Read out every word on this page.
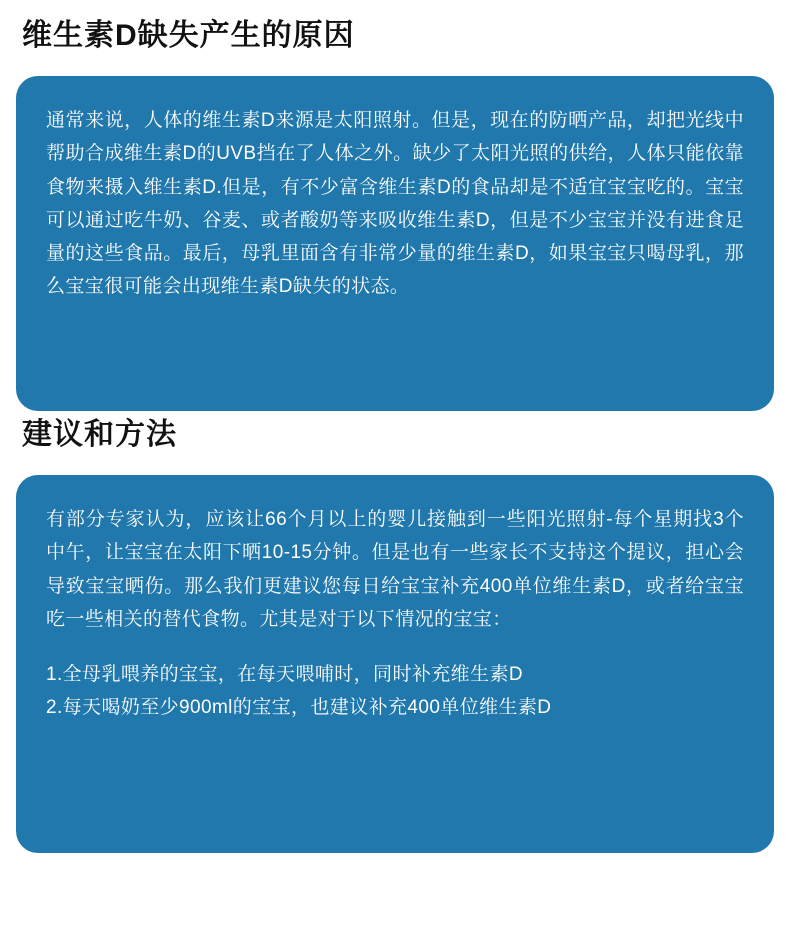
维生素D缺失产生的原因

通常来说，人体的维生素D来源是太阳照射。但是，现在的防晒产品，却把光线中帮助合成维生素D的UVB挡在了人体之外。缺少了太阳光照的供给，人体只能依靠食物来摄入维生素D.但是，有不少富含维生素D的食品却是不适宜宝宝吃的。宝宝可以通过吃牛奶、谷麦、或者酸奶等来吸收维生素D，但是不少宝宝并没有进食足量的这些食品。最后，母乳里面含有非常少量的维生素D，如果宝宝只喝母乳，那么宝宝很可能会出现维生素D缺失的状态。

建议和方法

有部分专家认为，应该让66个月以上的婴儿接触到一些阳光照射-每个星期找3个中午，让宝宝在太阳下晒10-15分钟。但是也有一些家长不支持这个提议，担心会导致宝宝晒伤。那么我们更建议您每日给宝宝补充400单位维生素D，或者给宝宝吃一些相关的替代食物。尤其是对于以下情况的宝宝：

1.全母乳喂养的宝宝，在每天喂哺时，同时补充维生素D

2.每天喝奶至少900ml的宝宝，也建议补充400单位维生素D
